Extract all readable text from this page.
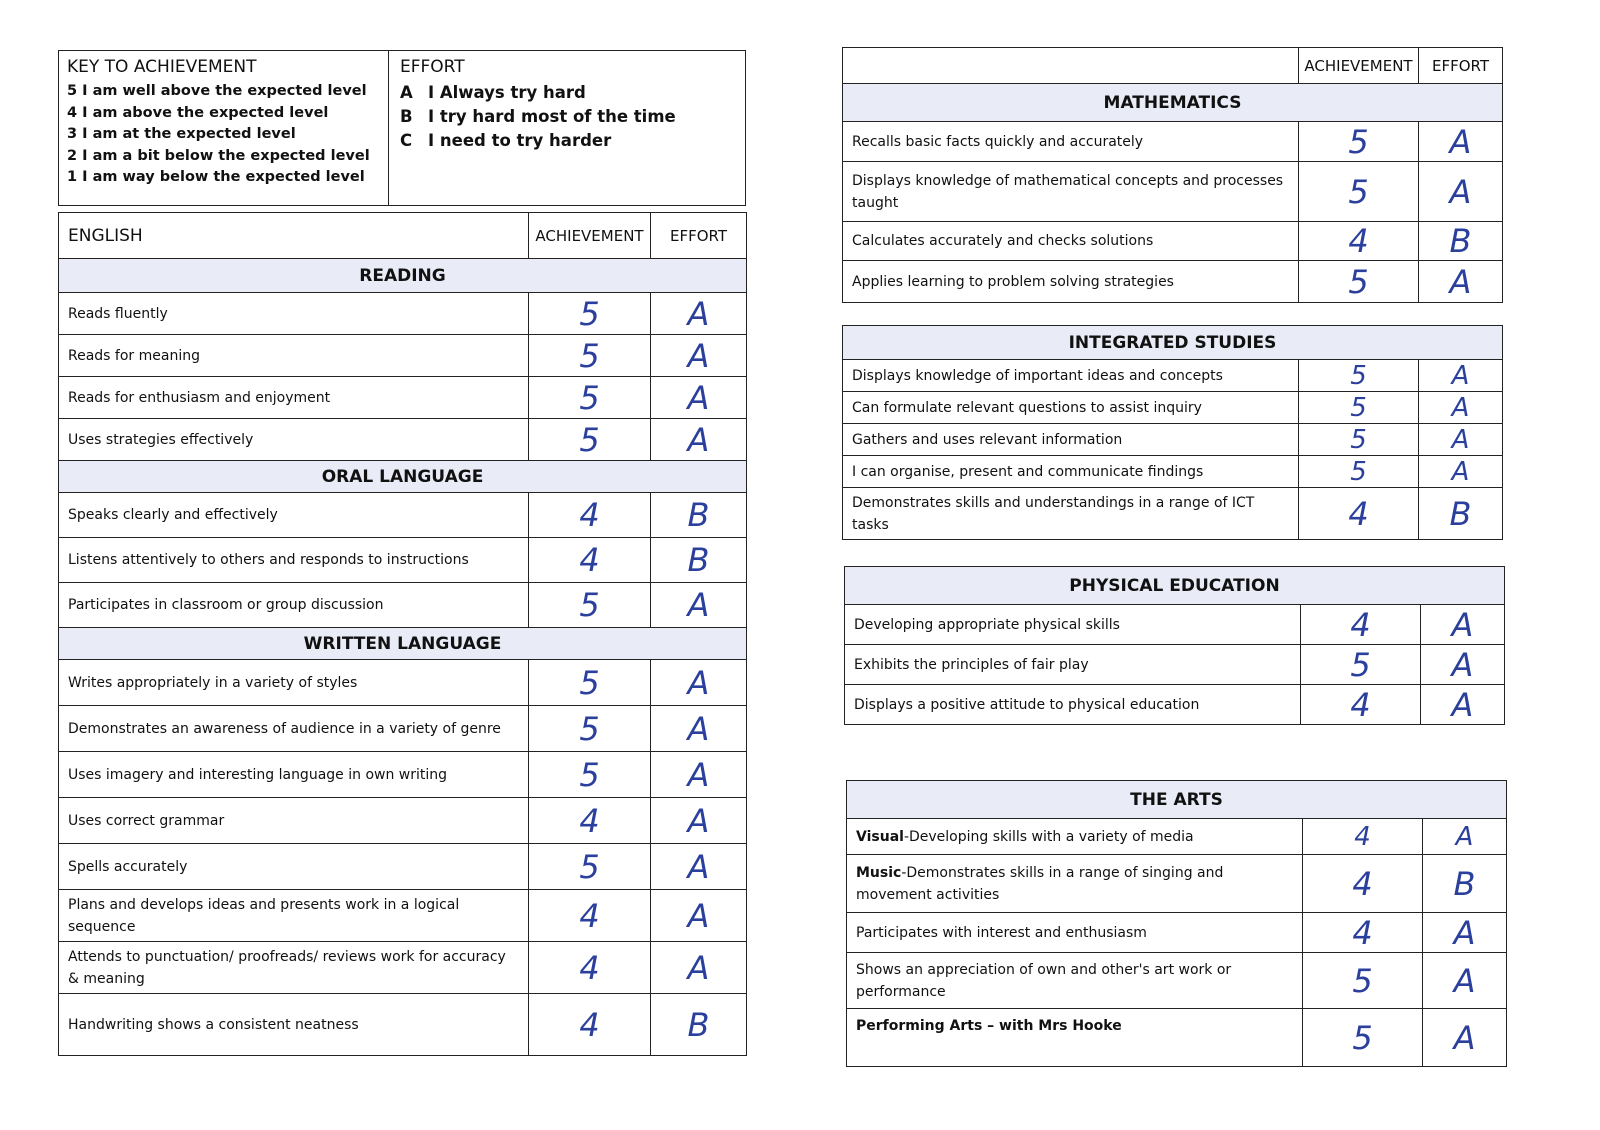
KEY TO ACHIEVEMENT
5 I am well above the expected level
4 I am above the expected level
3 I am at the expected level
2 I am a bit below the expected level
1 I am way below the expected level
EFFORT
A I Always try hard
B I try hard most of the time
C I need to try harder
ENGLISH	ACHIEVEMENT	EFFORT
READING		
Reads fluently	5	A
Reads for meaning	5	A
Reads for enthusiasm and enjoyment	5	A
Uses strategies effectively	5	A
ORAL LANGUAGE		
Speaks clearly and effectively	4	B
Listens attentively to others and responds to instructions	4	B
Participates in classroom or group discussion	5	A
WRITTEN LANGUAGE		
Writes appropriately in a variety of styles	5	A
Demonstrates an awareness of audience in a variety of genre	5	A
Uses imagery and interesting language in own writing	5	A
Uses correct grammar	4	A
Spells accurately	5	A
Plans and develops ideas and presents work in a logical sequence	4	A
Attends to punctuation/ proofreads/ reviews work for accuracy & meaning	4	A
Handwriting shows a consistent neatness	4	B
	ACHIEVEMENT	EFFORT
MATHEMATICS		
Recalls basic facts quickly and accurately	5	A
Displays knowledge of mathematical concepts and processes taught	5	A
Calculates accurately and checks solutions	4	B
Applies learning to problem solving strategies	5	A
INTEGRATED STUDIES		
Displays knowledge of important ideas and concepts	5	A
Can formulate relevant questions to assist inquiry	5	A
Gathers and uses relevant information	5	A
I can organise, present and communicate findings	5	A
Demonstrates skills and understandings in a range of ICT tasks	4	B
PHYSICAL EDUCATION		
Developing appropriate physical skills	4	A
Exhibits the principles of fair play	5	A
Displays a positive attitude to physical education	4	A
THE ARTS		
Visual-Developing skills with a variety of media	4	A
Music-Demonstrates skills in a range of singing and movement activities	4	B
Participates with interest and enthusiasm	4	A
Shows an appreciation of own and other's art work or performance	5	A
Performing Arts – with Mrs Hooke	5	A
